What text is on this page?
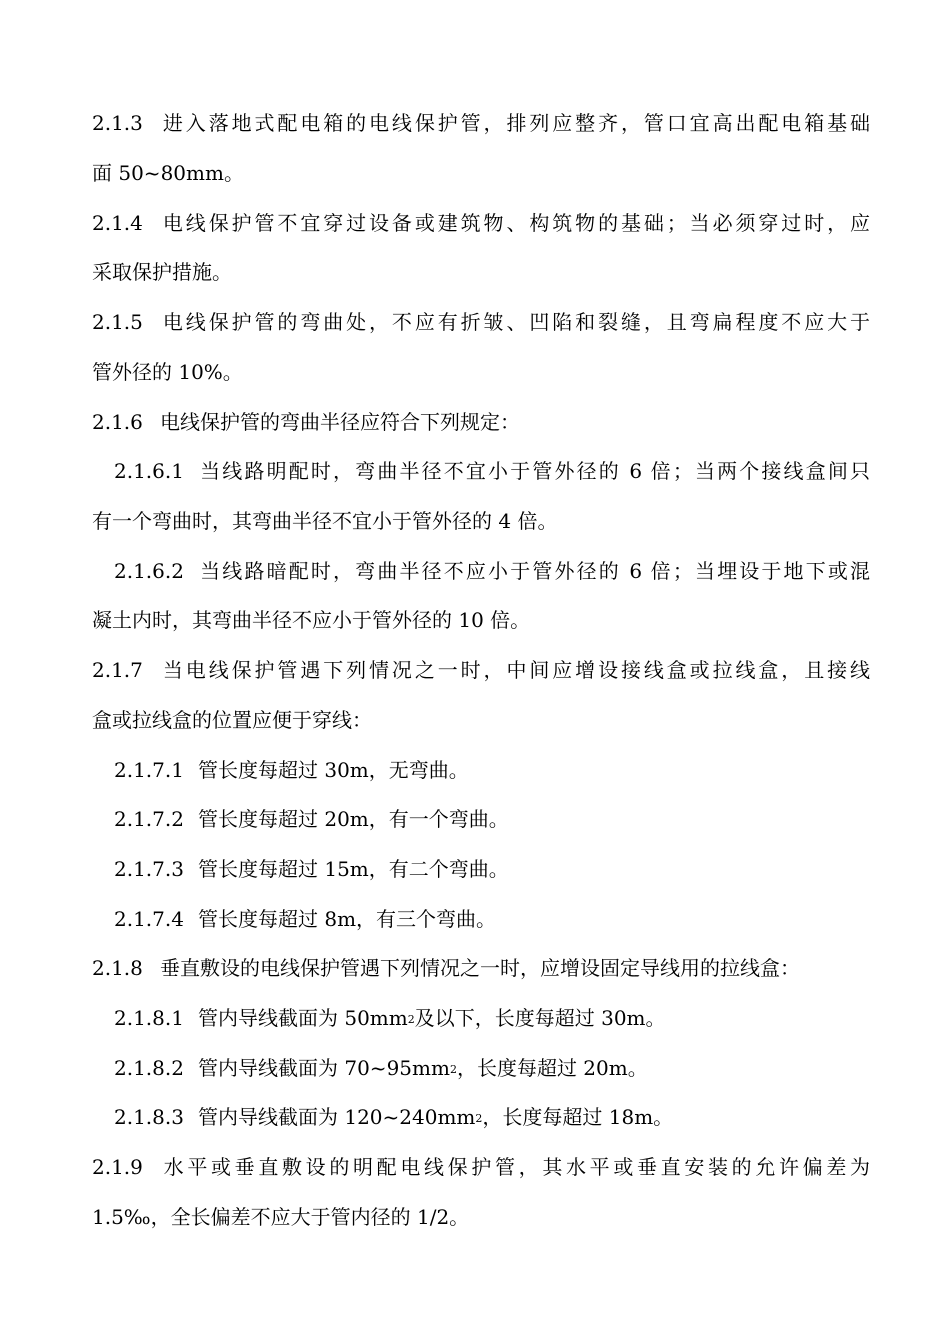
2.1.3 进入落地式配电箱的电线保护管，排列应整齐，管口宜高出配电箱基础
面 50~80mm。
2.1.4 电线保护管不宜穿过设备或建筑物、构筑物的基础；当必须穿过时，应
采取保护措施。
2.1.5 电线保护管的弯曲处，不应有折皱、凹陷和裂缝，且弯扁程度不应大于
管外径的 10%。
2.1.6 电线保护管的弯曲半径应符合下列规定：
2.1.6.1 当线路明配时，弯曲半径不宜小于管外径的 6 倍；当两个接线盒间只
有一个弯曲时，其弯曲半径不宜小于管外径的 4 倍。
2.1.6.2 当线路暗配时，弯曲半径不应小于管外径的 6 倍；当埋设于地下或混
凝土内时，其弯曲半径不应小于管外径的 10 倍。
2.1.7 当电线保护管遇下列情况之一时，中间应增设接线盒或拉线盒，且接线
盒或拉线盒的位置应便于穿线：
2.1.7.1 管长度每超过 30m，无弯曲。
2.1.7.2 管长度每超过 20m，有一个弯曲。
2.1.7.3 管长度每超过 15m，有二个弯曲。
2.1.7.4 管长度每超过 8m，有三个弯曲。
2.1.8 垂直敷设的电线保护管遇下列情况之一时，应增设固定导线用的拉线盒：
2.1.8.1 管内导线截面为 $50mm^2$及以下，长度每超过 30m。
2.1.8.2 管内导线截面为 $70\sim 95mm^2$，长度每超过 20m。
2.1.8.3 管内导线截面为 $120\sim 240mm^2$，长度每超过 18m。
2.1.9 水平或垂直敷设的明配电线保护管，其水平或垂直安装的允许偏差为
1.5‰，全长偏差不应大于管内径的 1/2。
